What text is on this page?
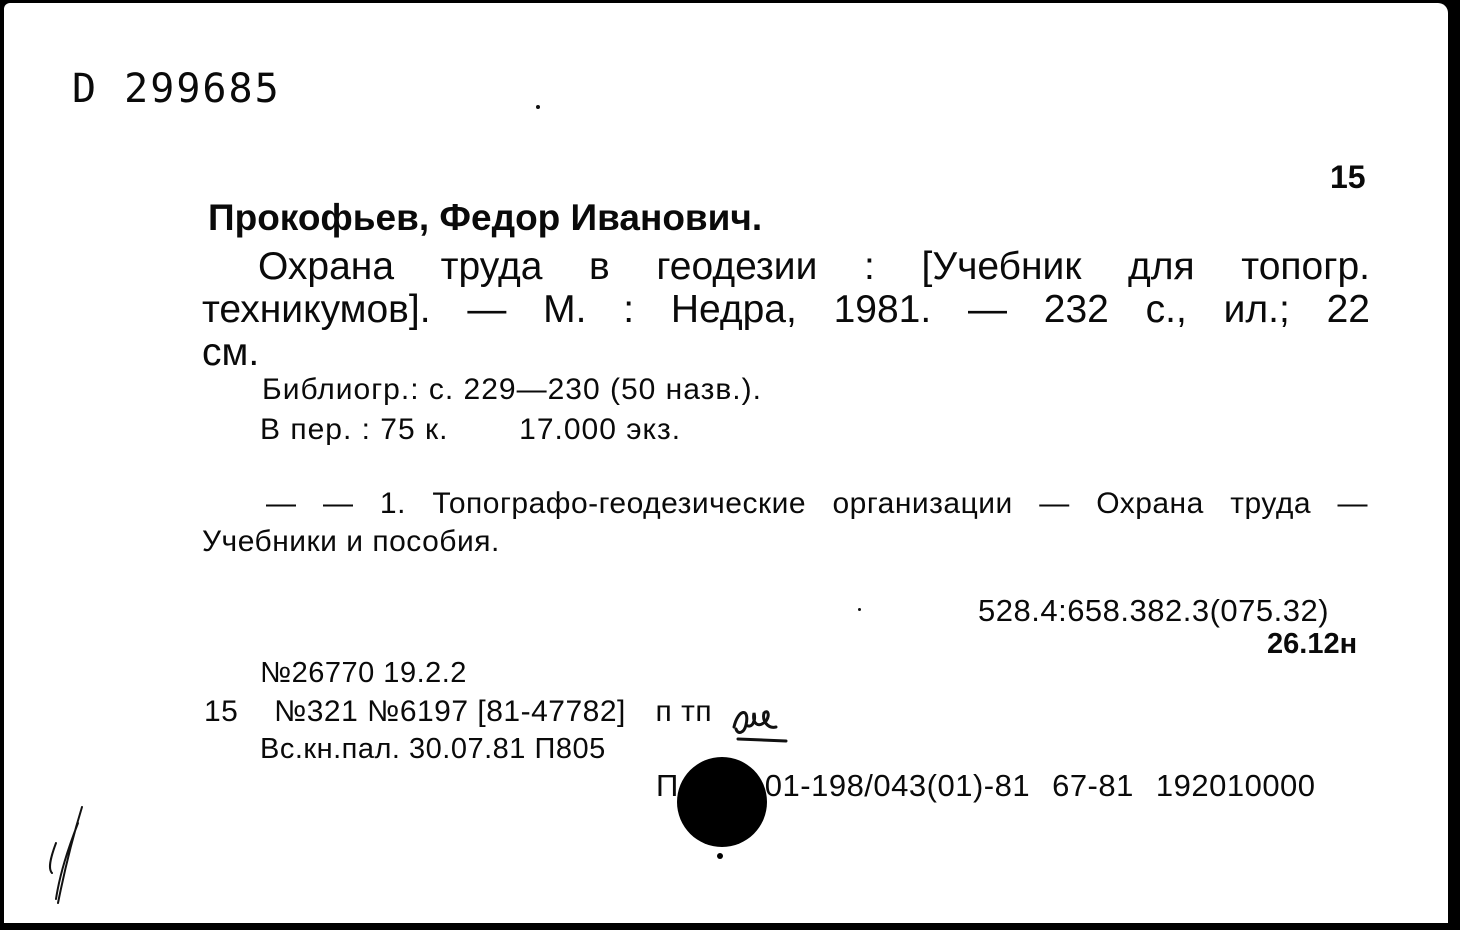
D 299685
15
Прокофьев, Федор Иванович.
Охрана труда в геодезии : [Учебник для топогр.
техникумов]. — М. : Недра, 1981. — 232 с., ил.; 22
см.
Библиогр.: с. 229—230 (50 назв.).
В пер. : 75 к. 17.000 экз.
— — 1. Топографо-геодезические организации — Охрана труда —
Учебники и пособия.
528.4:658.382.3(075.32)
26.12н
№26770 19.2.2
15 №321 №6197 [81-47782] п тп
Вс.кн.пал. 30.07.81 П805
П	01-198/043(01)-81 67-81 192010000
